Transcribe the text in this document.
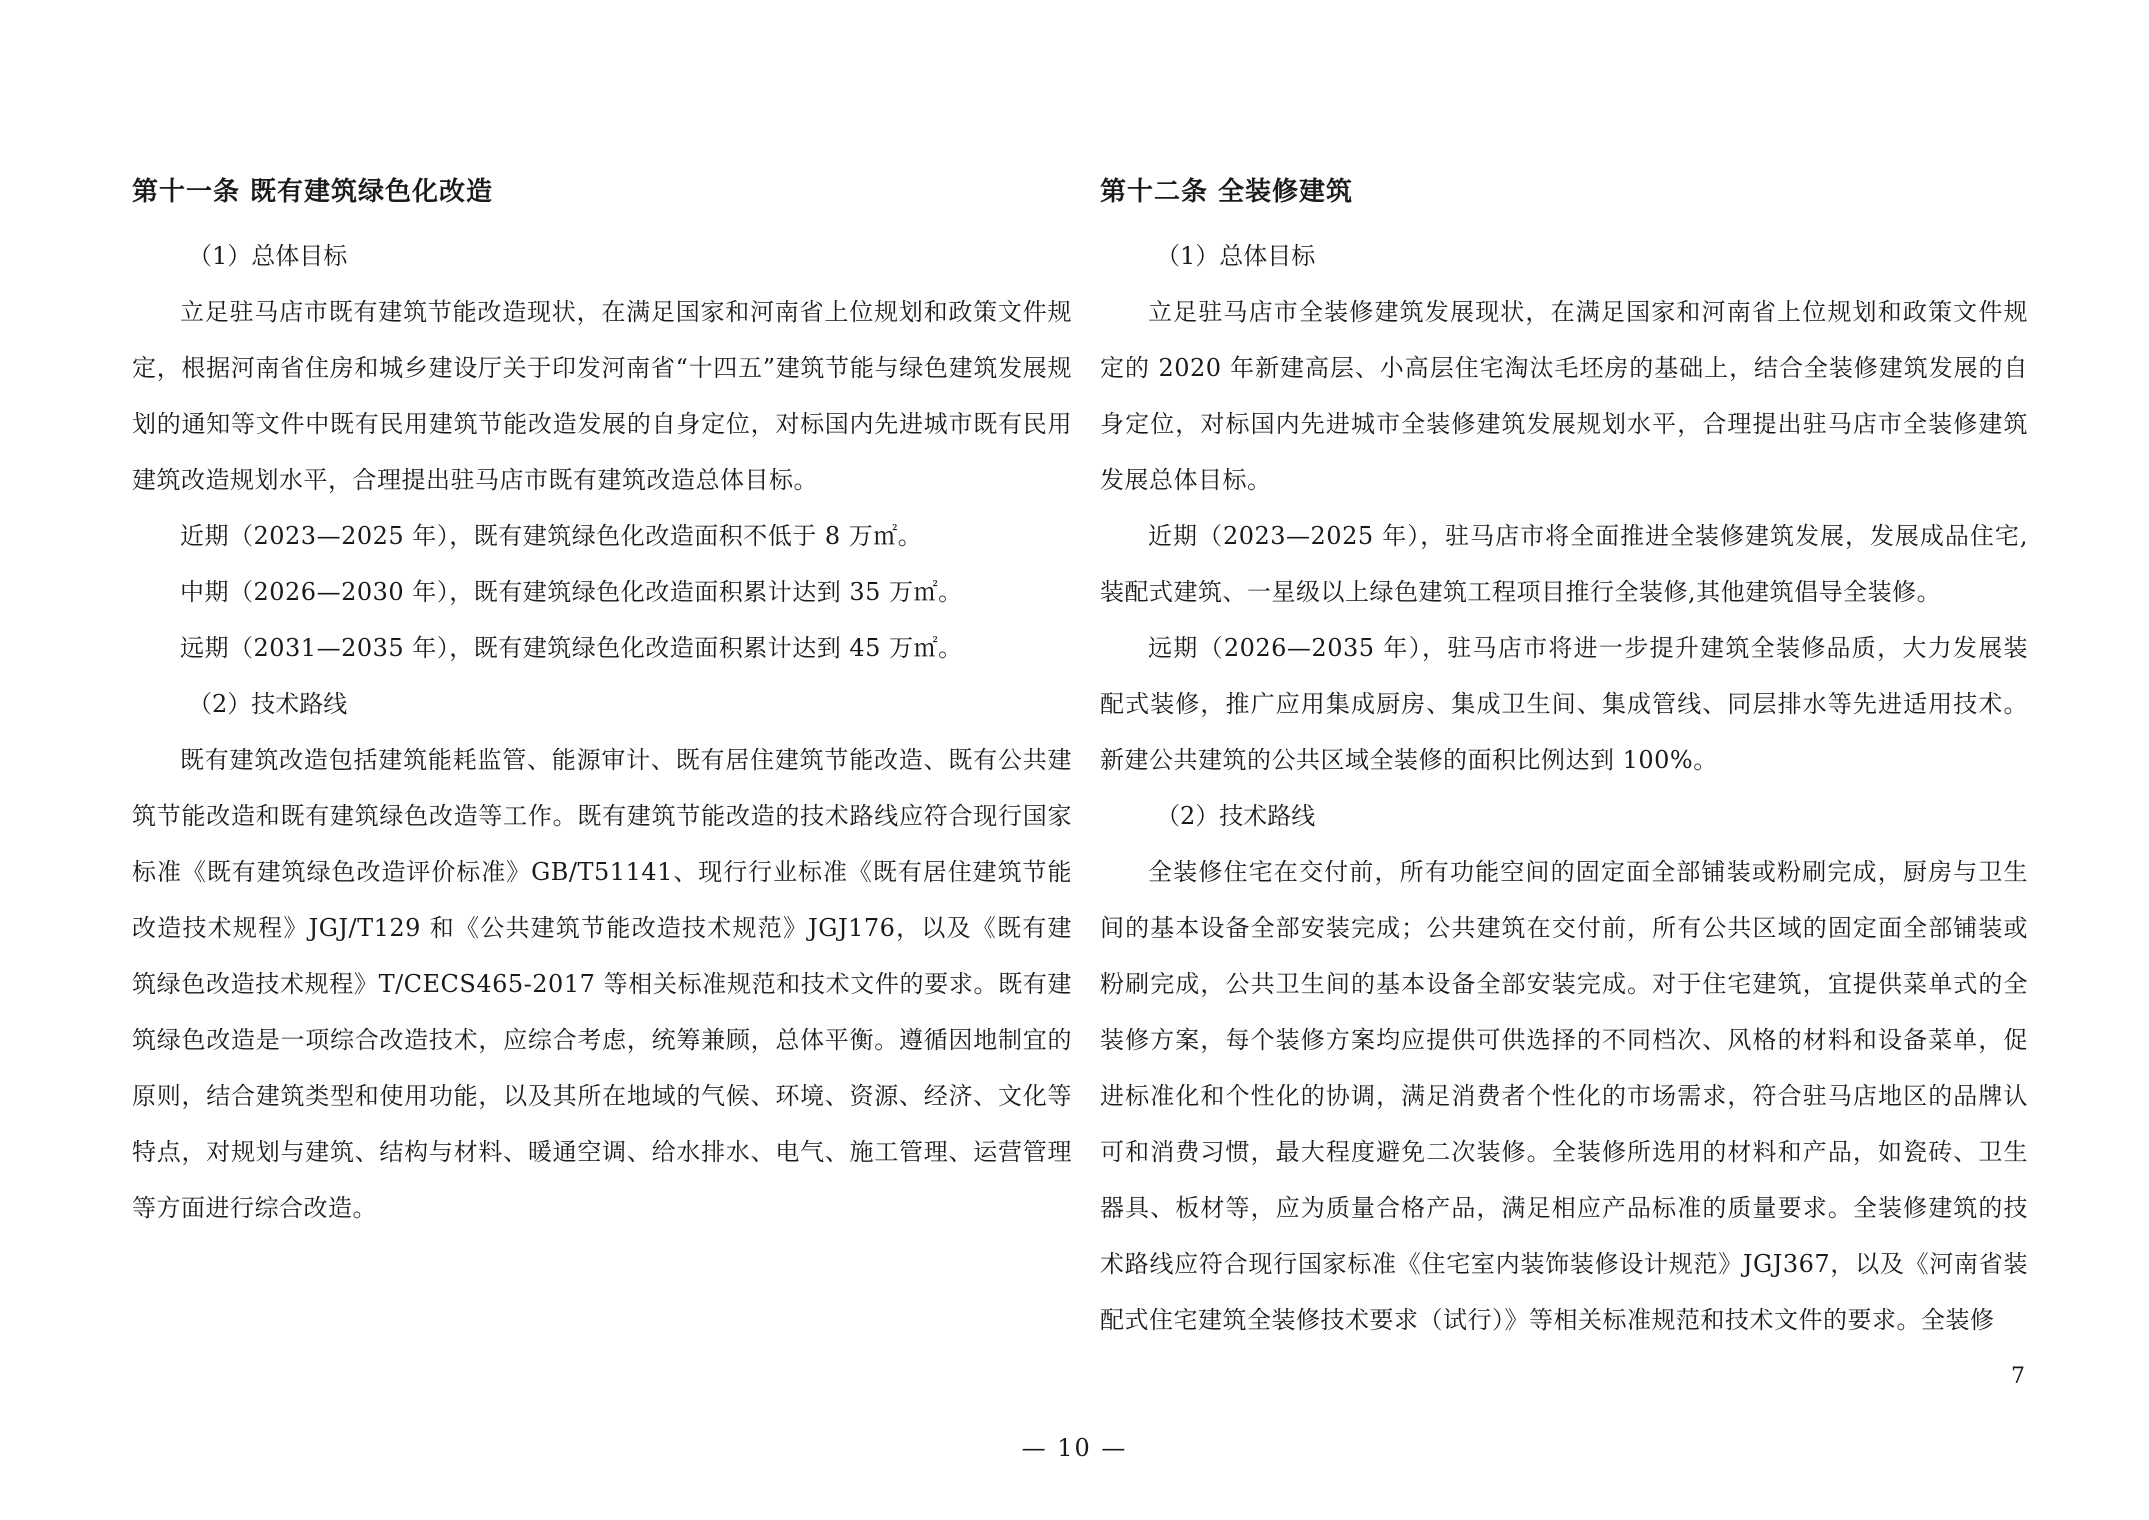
第十一条 既有建筑绿色化改造

（1）总体目标

立足驻马店市既有建筑节能改造现状，在满足国家和河南省上位规划和政策文件规定，根据河南省住房和城乡建设厅关于印发河南省“十四五”建筑节能与绿色建筑发展规划的通知等文件中既有民用建筑节能改造发展的自身定位，对标国内先进城市既有民用建筑改造规划水平，合理提出驻马店市既有建筑改造总体目标。

近期（2023—2025 年），既有建筑绿色化改造面积不低于 8 万㎡。

中期（2026—2030 年），既有建筑绿色化改造面积累计达到 35 万㎡。

远期（2031—2035 年），既有建筑绿色化改造面积累计达到 45 万㎡。

（2）技术路线

既有建筑改造包括建筑能耗监管、能源审计、既有居住建筑节能改造、既有公共建筑节能改造和既有建筑绿色改造等工作。既有建筑节能改造的技术路线应符合现行国家标准《既有建筑绿色改造评价标准》GB/T51141、现行行业标准《既有居住建筑节能改造技术规程》JGJ/T129 和《公共建筑节能改造技术规范》JGJ176，以及《既有建筑绿色改造技术规程》T/CECS465-2017 等相关标准规范和技术文件的要求。既有建筑绿色改造是一项综合改造技术，应综合考虑，统筹兼顾，总体平衡。遵循因地制宜的原则，结合建筑类型和使用功能，以及其所在地域的气候、环境、资源、经济、文化等特点，对规划与建筑、结构与材料、暖通空调、给水排水、电气、施工管理、运营管理等方面进行综合改造。

第十二条 全装修建筑

（1）总体目标

立足驻马店市全装修建筑发展现状，在满足国家和河南省上位规划和政策文件规定的 2020 年新建高层、小高层住宅淘汰毛坯房的基础上，结合全装修建筑发展的自身定位，对标国内先进城市全装修建筑发展规划水平，合理提出驻马店市全装修建筑发展总体目标。

近期（2023—2025 年），驻马店市将全面推进全装修建筑发展，发展成品住宅,装配式建筑、一星级以上绿色建筑工程项目推行全装修,其他建筑倡导全装修。

远期（2026—2035 年），驻马店市将进一步提升建筑全装修品质，大力发展装配式装修，推广应用集成厨房、集成卫生间、集成管线、同层排水等先进适用技术。新建公共建筑的公共区域全装修的面积比例达到 100%。

（2）技术路线

全装修住宅在交付前，所有功能空间的固定面全部铺装或粉刷完成，厨房与卫生间的基本设备全部安装完成；公共建筑在交付前，所有公共区域的固定面全部铺装或粉刷完成，公共卫生间的基本设备全部安装完成。对于住宅建筑，宜提供菜单式的全装修方案，每个装修方案均应提供可供选择的不同档次、风格的材料和设备菜单，促进标准化和个性化的协调，满足消费者个性化的市场需求，符合驻马店地区的品牌认可和消费习惯，最大程度避免二次装修。全装修所选用的材料和产品，如瓷砖、卫生器具、板材等，应为质量合格产品，满足相应产品标准的质量要求。全装修建筑的技术路线应符合现行国家标准《住宅室内装饰装修设计规范》JGJ367，以及《河南省装配式住宅建筑全装修技术要求（试行）》等相关标准规范和技术文件的要求。全装修

7
— 10 —
